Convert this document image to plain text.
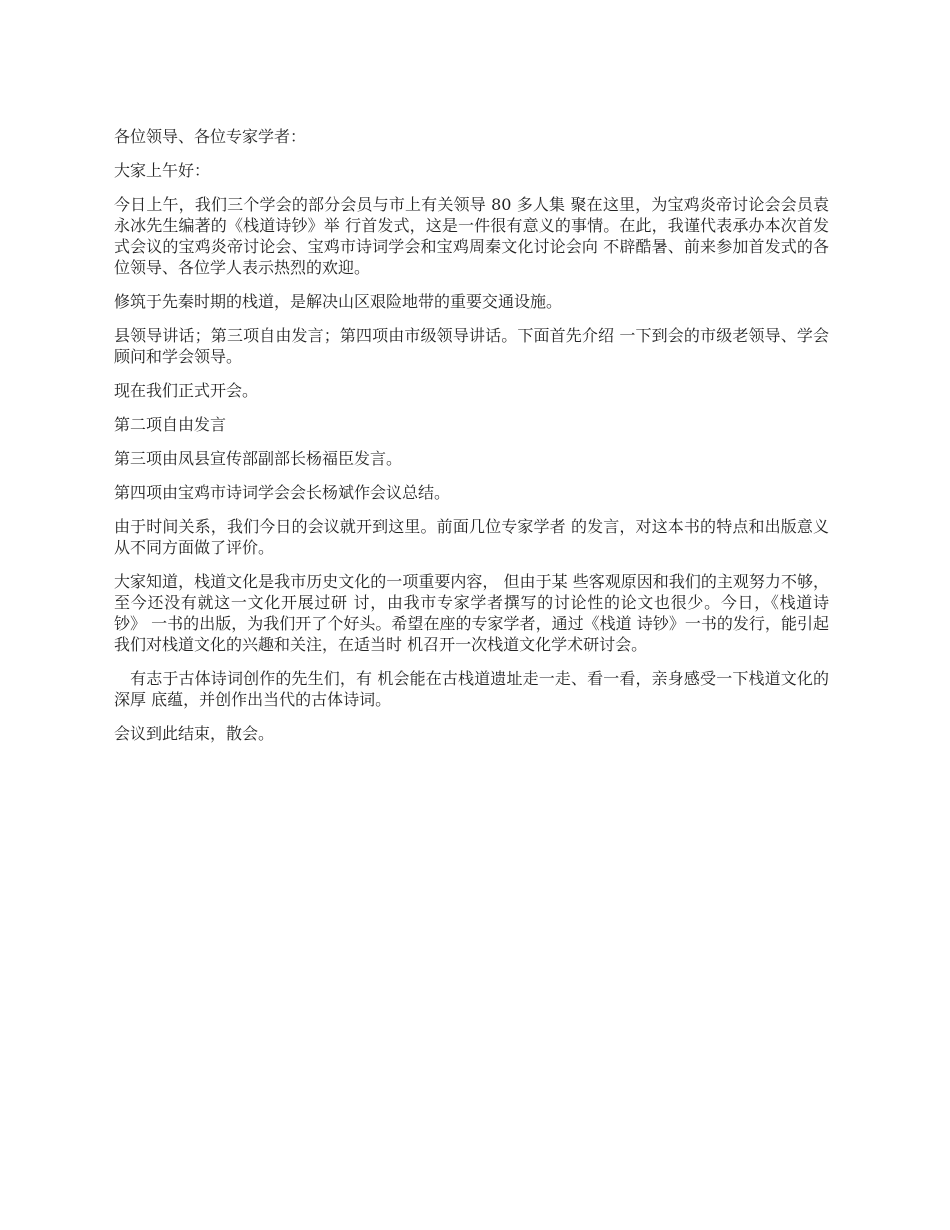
各位领导、各位专家学者：

大家上午好：

今日上午，我们三个学会的部分会员与市上有关领导 80 多人集 聚在这里，为宝鸡炎帝讨论会会员袁永冰先生编著的《栈道诗钞》举 行首发式，这是一件很有意义的事情。在此，我谨代表承办本次首发 式会议的宝鸡炎帝讨论会、宝鸡市诗词学会和宝鸡周秦文化讨论会向 不辟酷暑、前来参加首发式的各位领导、各位学人表示热烈的欢迎。

修筑于先秦时期的栈道，是解决山区艰险地带的重要交通设施。

县领导讲话；第三项自由发言；第四项由市级领导讲话。下面首先介绍 一下到会的市级老领导、学会顾问和学会领导。

现在我们正式开会。

第二项自由发言

第三项由凤县宣传部副部长杨福臣发言。

第四项由宝鸡市诗词学会会长杨斌作会议总结。

由于时间关系，我们今日的会议就开到这里。前面几位专家学者 的发言，对这本书的特点和出版意义从不同方面做了评价。

大家知道，栈道文化是我市历史文化的一项重要内容， 但由于某 些客观原因和我们的主观努力不够，至今还没有就这一文化开展过研 讨，由我市专家学者撰写的讨论性的论文也很少。今日，《栈道诗钞》 一书的出版，为我们开了个好头。希望在座的专家学者，通过《栈道 诗钞》一书的发行，能引起我们对栈道文化的兴趣和关注，在适当时 机召开一次栈道文化学术研讨会。

　有志于古体诗词创作的先生们，有 机会能在古栈道遗址走一走、看一看，亲身感受一下栈道文化的深厚 底蕴，并创作出当代的古体诗词。

会议到此结束，散会。
